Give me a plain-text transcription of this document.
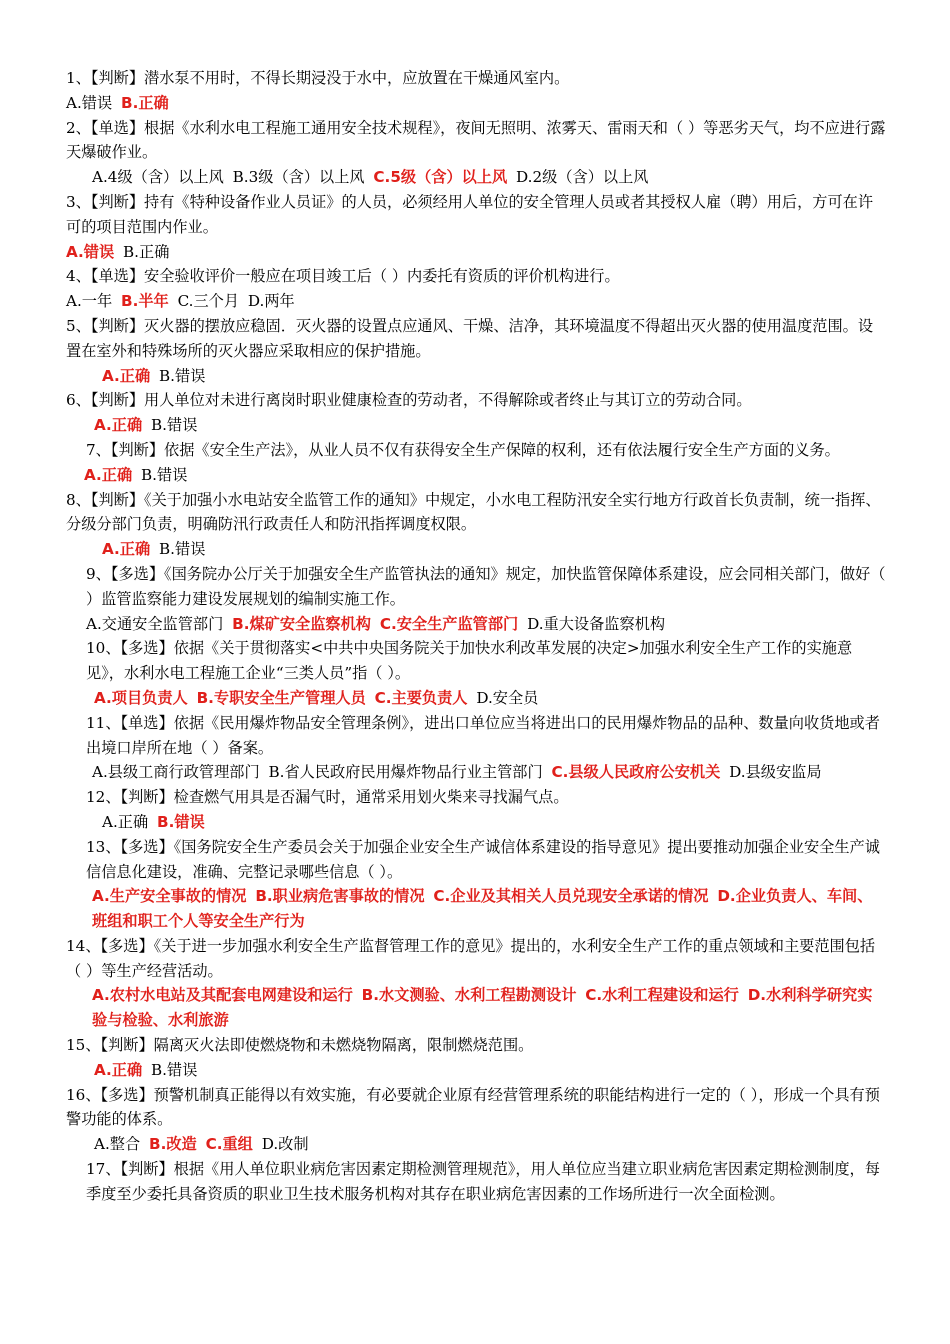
1、【判断】潜水泵不用时，不得长期浸没于水中，应放置在干燥通风室内。

A.错误 B.正确

2、【单选】根据《水利水电工程施工通用安全技术规程》，夜间无照明、浓雾天、雷雨天和（ ）等恶劣天气，均不应进行露天爆破作业。

A.4级（含）以上风 B.3级（含）以上风 C.5级（含）以上风 D.2级（含）以上风

3、【判断】持有《特种设备作业人员证》的人员，必须经用人单位的安全管理人员或者其授权人雇（聘）用后，方可在许可的项目范围内作业。

A.错误 B.正确

4、【单选】安全验收评价一般应在项目竣工后（ ）内委托有资质的评价机构进行。

A.一年 B.半年 C.三个月 D.两年

5、【判断】灭火器的摆放应稳固．灭火器的设置点应通风、干燥、洁净，其环境温度不得超出灭火器的使用温度范围。设置在室外和特殊场所的灭火器应采取相应的保护措施。

A.正确 B.错误

6、【判断】用人单位对未进行离岗时职业健康检查的劳动者，不得解除或者终止与其订立的劳动合同。

A.正确 B.错误

7、【判断】依据《安全生产法》，从业人员不仅有获得安全生产保障的权利，还有依法履行安全生产方面的义务。

A.正确 B.错误

8、【判断】《关于加强小水电站安全监管工作的通知》中规定，小水电工程防汛安全实行地方行政首长负责制，统一指挥、分级分部门负责，明确防汛行政责任人和防汛指挥调度权限。

A.正确 B.错误

9、【多选】《国务院办公厅关于加强安全生产监管执法的通知》规定，加快监管保障体系建设，应会同相关部门，做好（ ）监管监察能力建设发展规划的编制实施工作。

A.交通安全监管部门 B.煤矿安全监察机构 C.安全生产监管部门 D.重大设备监察机构

10、【多选】依据《关于贯彻落实<中共中央国务院关于加快水利改革发展的决定>加强水利安全生产工作的实施意见》，水利水电工程施工企业“三类人员”指（ ）。

A.项目负责人 B.专职安全生产管理人员 C.主要负责人 D.安全员

11、【单选】依据《民用爆炸物品安全管理条例》，进出口单位应当将进出口的民用爆炸物品的品种、数量向收货地或者出境口岸所在地（ ）备案。

A.县级工商行政管理部门 B.省人民政府民用爆炸物品行业主管部门 C.县级人民政府公安机关 D.县级安监局

12、【判断】检查燃气用具是否漏气时，通常采用划火柴来寻找漏气点。

A.正确 B.错误

13、【多选】《国务院安全生产委员会关于加强企业安全生产诚信体系建设的指导意见》提出要推动加强企业安全生产诚信信息化建设，准确、完整记录哪些信息（ ）。

A.生产安全事故的情况 B.职业病危害事故的情况 C.企业及其相关人员兑现安全承诺的情况 D.企业负责人、车间、班组和职工个人等安全生产行为

14、【多选】《关于进一步加强水利安全生产监督管理工作的意见》提出的，水利安全生产工作的重点领域和主要范围包括（ ）等生产经营活动。

A.农村水电站及其配套电网建设和运行 B.水文测验、水利工程勘测设计 C.水利工程建设和运行 D.水利科学研究实验与检验、水利旅游

15、【判断】隔离灭火法即使燃烧物和未燃烧物隔离，限制燃烧范围。

A.正确 B.错误

16、【多选】预警机制真正能得以有效实施，有必要就企业原有经营管理系统的职能结构进行一定的（ ），形成一个具有预警功能的体系。

A.整合 B.改造 C.重组 D.改制

17、【判断】根据《用人单位职业病危害因素定期检测管理规范》，用人单位应当建立职业病危害因素定期检测制度，每季度至少委托具备资质的职业卫生技术服务机构对其存在职业病危害因素的工作场所进行一次全面检测。
